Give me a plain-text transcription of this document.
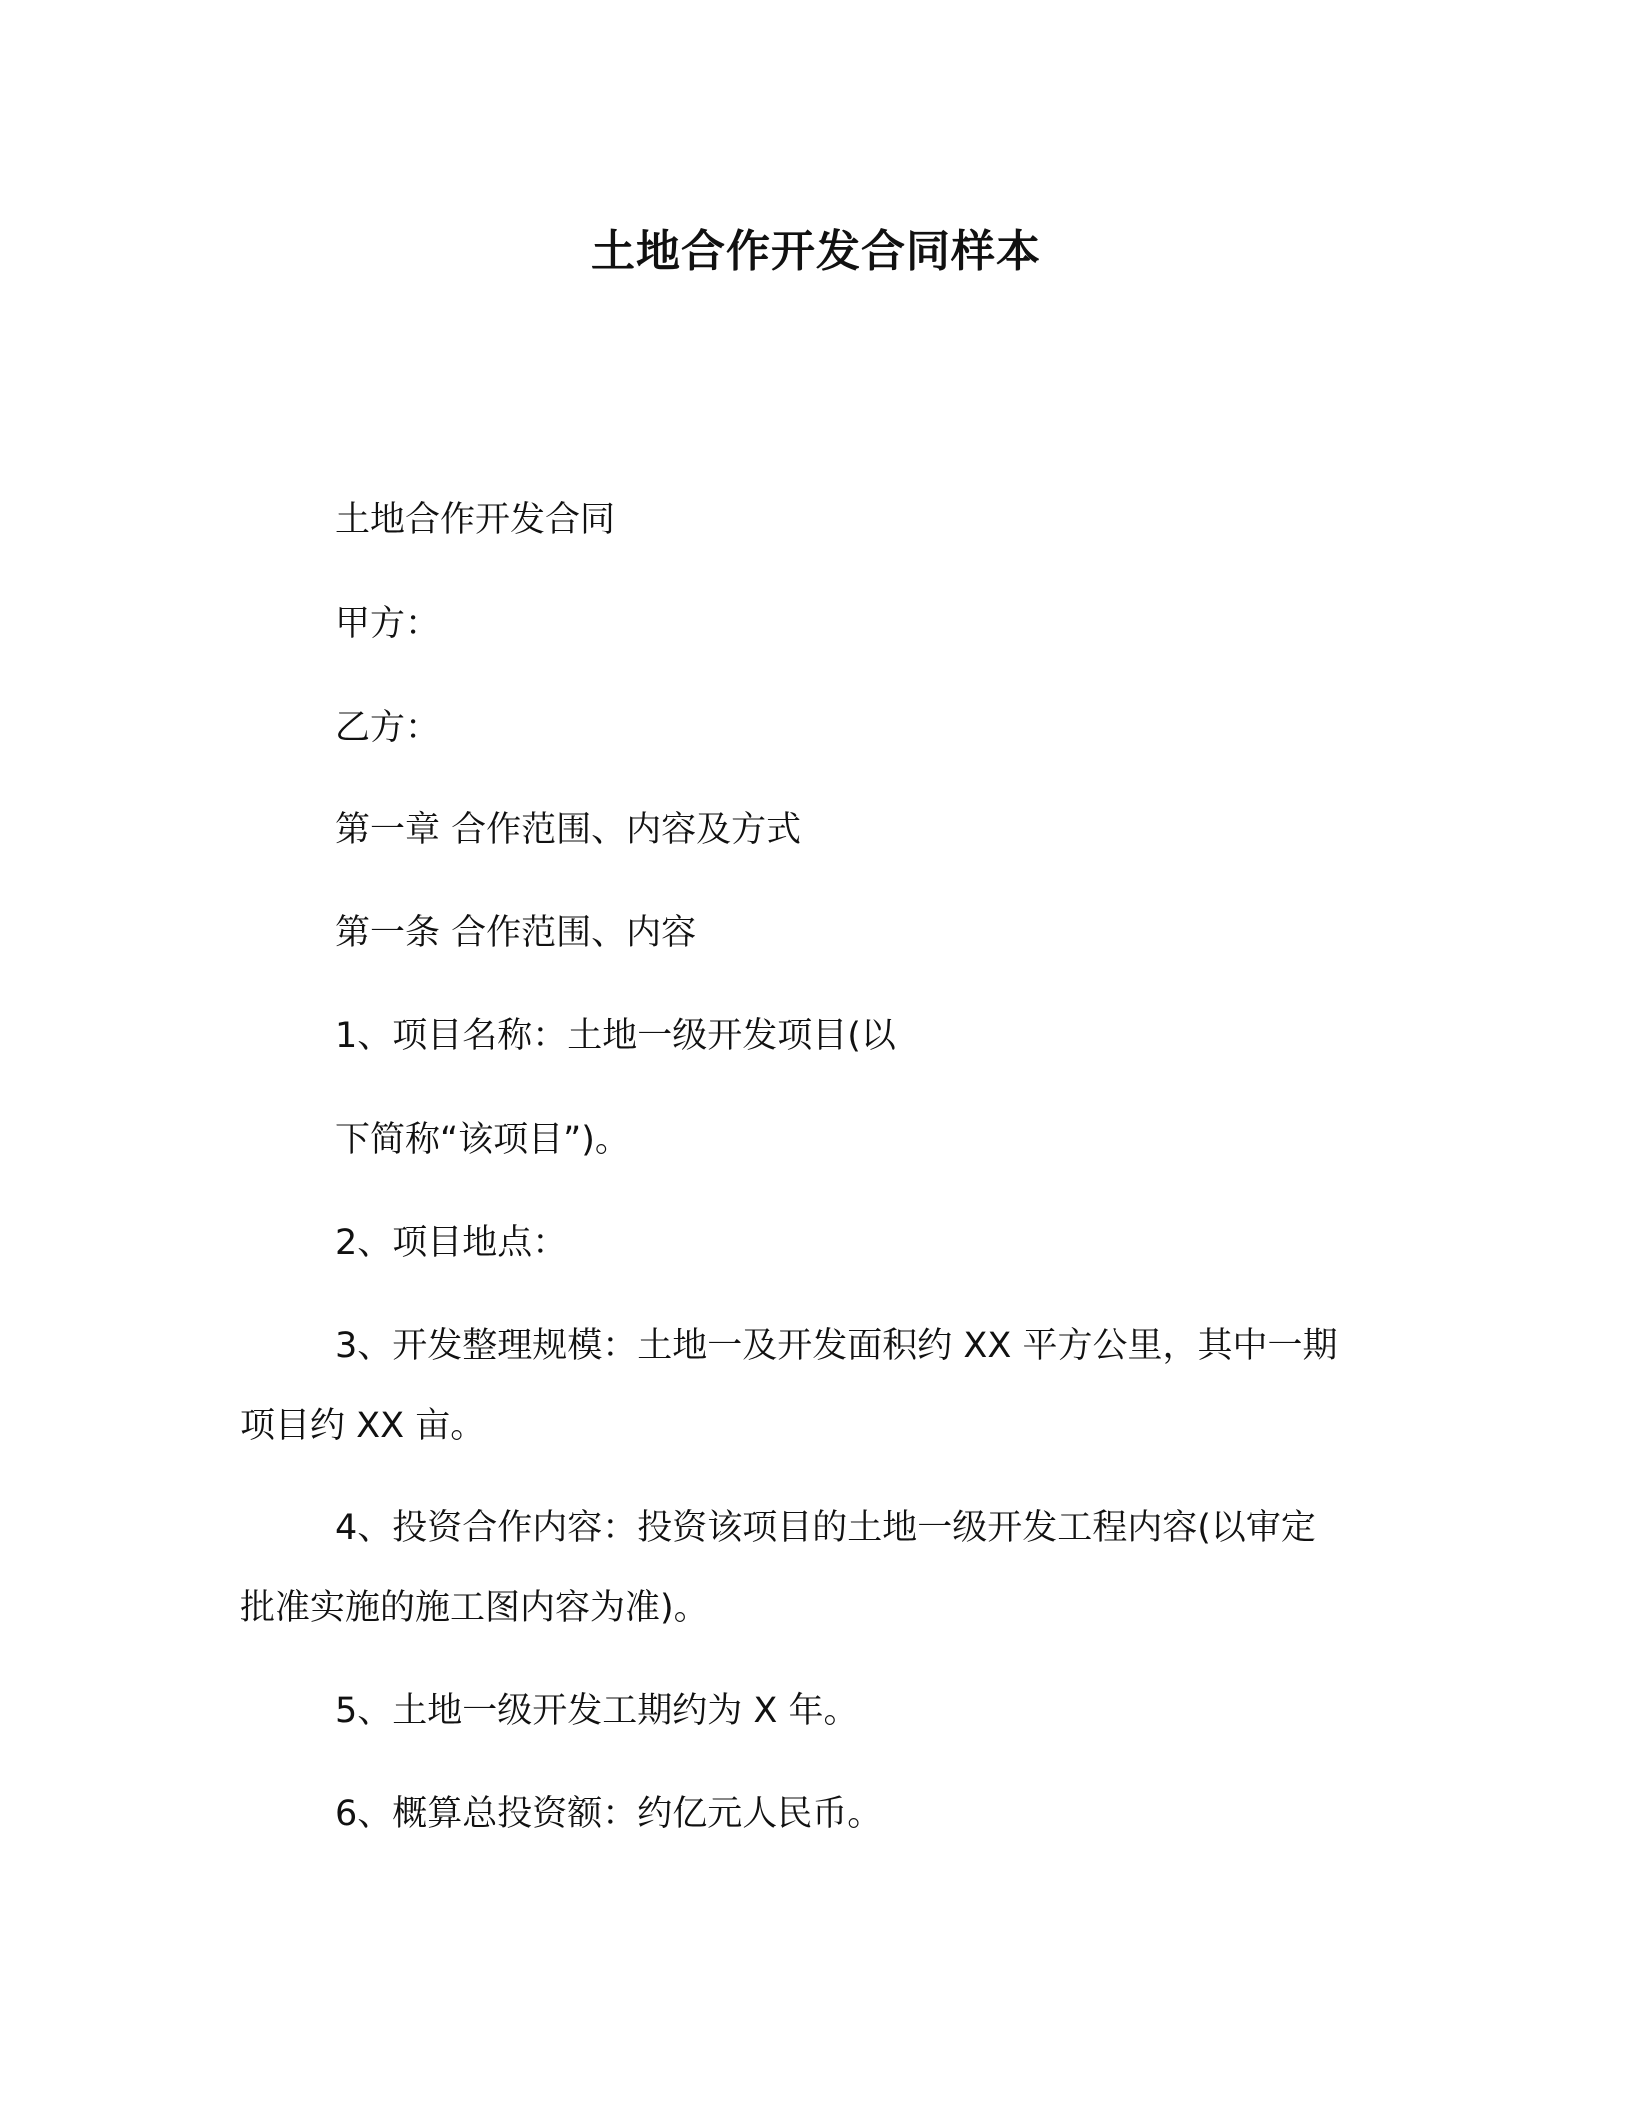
土地合作开发合同样本

土地合作开发合同

甲方：

乙方：

第一章 合作范围、内容及方式

第一条 合作范围、内容

1、项目名称：土地一级开发项目(以

下简称“该项目”)。

2、项目地点：

3、开发整理规模：土地一及开发面积约 XX 平方公里，其中一期

项目约 XX 亩。

4、投资合作内容：投资该项目的土地一级开发工程内容(以审定

批准实施的施工图内容为准)。

5、土地一级开发工期约为 X 年。

6、概算总投资额：约亿元人民币。
